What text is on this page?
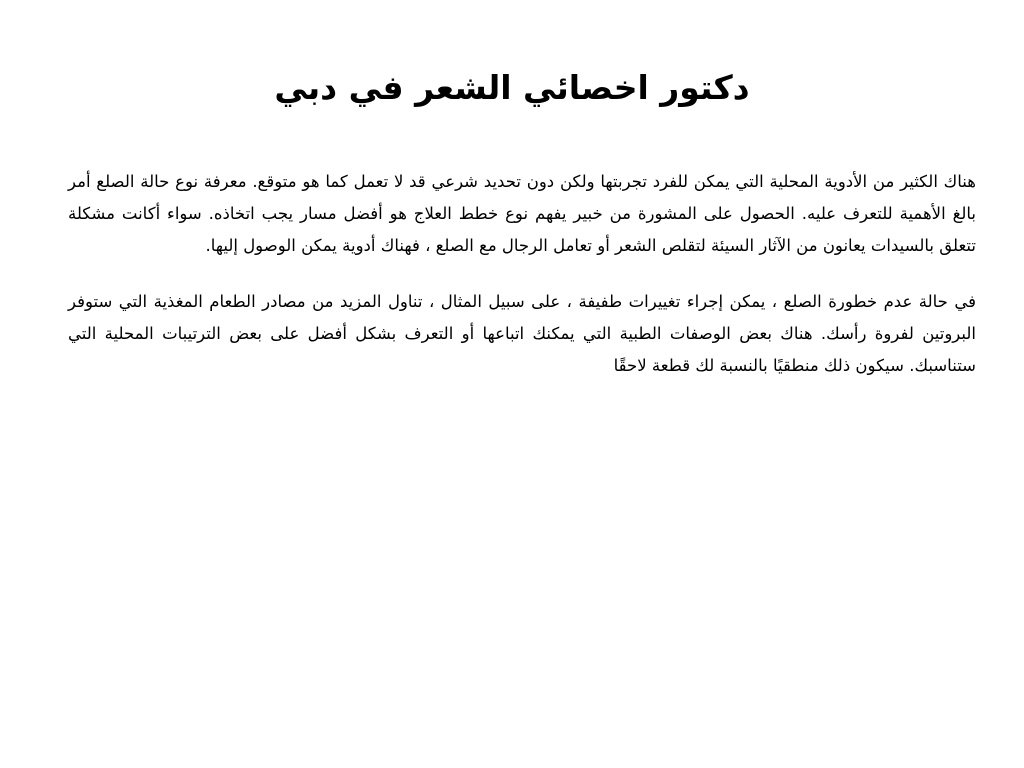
دكتور اخصائي الشعر في دبي

هناك الكثير من الأدوية المحلية التي يمكن للفرد تجربتها ولكن دون تحديد شرعي قد لا تعمل كما هو متوقع. معرفة نوع حالة الصلع أمر بالغ الأهمية للتعرف عليه. الحصول على المشورة من خبير يفهم نوع خطط العلاج هو أفضل مسار يجب اتخاذه. سواء أكانت مشكلة تتعلق بالسيدات يعانون من الآثار السيئة لتقلص الشعر أو تعامل الرجال مع الصلع ، فهناك أدوية يمكن الوصول إليها.

في حالة عدم خطورة الصلع ، يمكن إجراء تغييرات طفيفة ، على سبيل المثال ، تناول المزيد من مصادر الطعام المغذية التي ستوفر البروتين لفروة رأسك. هناك بعض الوصفات الطبية التي يمكنك اتباعها أو التعرف بشكل أفضل على بعض الترتيبات المحلية التي ستناسبك. سيكون ذلك منطقيًا بالنسبة لك قطعة لاحقًا
